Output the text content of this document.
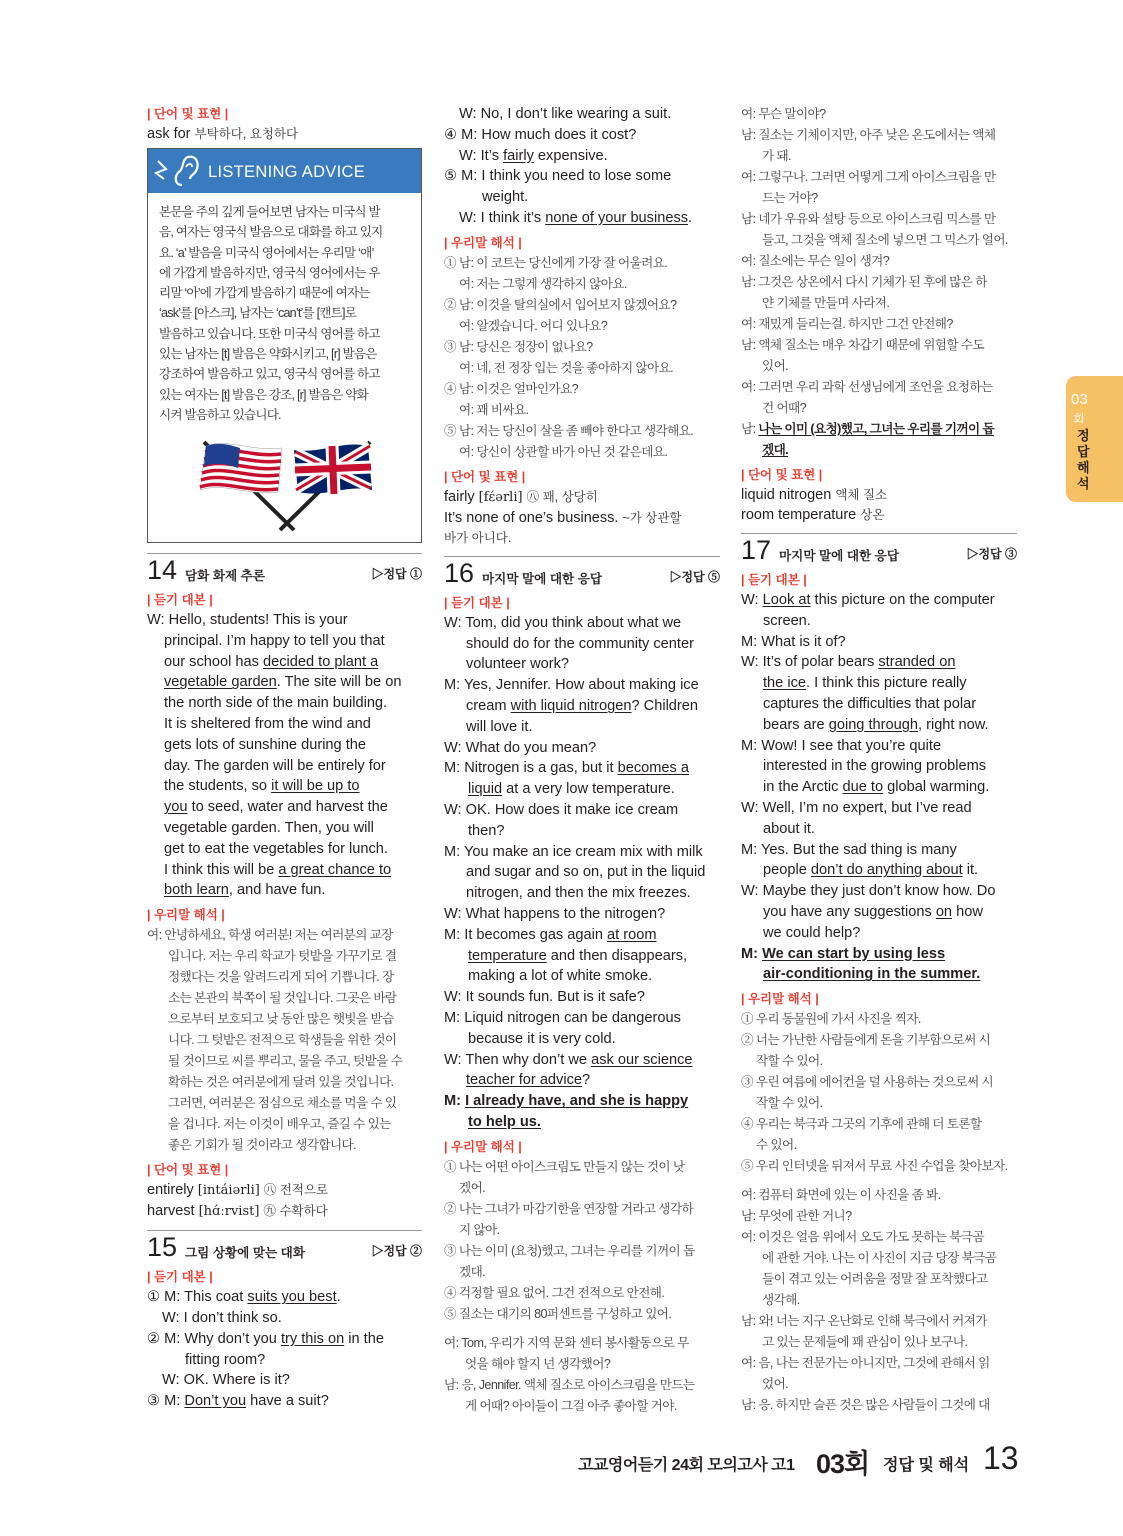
| 단어 및 표현 |
ask for 부탁하다, 요청하다
LISTENING ADVICE
본문을 주의 깊게 들어보면 남자는 미국식 발
음, 여자는 영국식 발음으로 대화를 하고 있지
요. ‘a’ 발음을 미국식 영어에서는 우리말 ‘애’
에 가깝게 발음하지만, 영국식 영어에서는 우
리말 ‘아’에 가깝게 발음하기 때문에 여자는
‘ask’를 [아스크], 남자는 ‘can’t’를 [캔트]로
발음하고 있습니다. 또한 미국식 영어를 하고
있는 남자는 [t] 발음은 약화시키고, [r] 발음은
강조하여 발음하고 있고, 영국식 영어를 하고
있는 여자는 [t] 발음은 강조, [r] 발음은 약화
시켜 발음하고 있습니다.
14 담화 화제 추론	▷정답 ①
| 듣기 대본 |
W: Hello, students! This is your
principal. I’m happy to tell you that
our school has decided to plant a
vegetable garden. The site will be on
the north side of the main building.
It is sheltered from the wind and
gets lots of sunshine during the
day. The garden will be entirely for
the students, so it will be up to
you to seed, water and harvest the
vegetable garden. Then, you will
get to eat the vegetables for lunch.
I think this will be a great chance to
both learn, and have fun.
| 우리말 해석 |
여: 안녕하세요, 학생 여러분! 저는 여러분의 교장
입니다. 저는 우리 학교가 텃밭을 가꾸기로 결
정했다는 것을 알려드리게 되어 기쁩니다. 장
소는 본관의 북쪽이 될 것입니다. 그곳은 바람
으로부터 보호되고 낮 동안 많은 햇빛을 받습
니다. 그 텃밭은 전적으로 학생들을 위한 것이
될 것이므로 씨를 뿌리고, 물을 주고, 텃밭을 수
확하는 것은 여러분에게 달려 있을 것입니다.
그러면, 여러분은 점심으로 채소를 먹을 수 있
을 겁니다. 저는 이것이 배우고, 즐길 수 있는
좋은 기회가 될 것이라고 생각합니다.
| 단어 및 표현 |
entirely [intáiərli] ㊇ 전적으로
harvest [hɑ́ːrvist] ㊈ 수확하다
15 그림 상황에 맞는 대화	▷정답 ②
| 듣기 대본 |
① M: This coat suits you best.
W: I don’t think so.
② M: Why don’t you try this on in the
fitting room?
W: OK. Where is it?
③ M: Don’t you have a suit?
W: No, I don’t like wearing a suit.
④ M: How much does it cost?
W: It’s fairly expensive.
⑤ M: I think you need to lose some
weight.
W: I think it’s none of your business.
| 우리말 해석 |
① 남: 이 코트는 당신에게 가장 잘 어울려요.
여: 저는 그렇게 생각하지 않아요.
② 남: 이것을 탈의실에서 입어보지 않겠어요?
여: 알겠습니다. 어디 있나요?
③ 남: 당신은 정장이 없나요?
여: 네, 전 정장 입는 것을 좋아하지 않아요.
④ 남: 이것은 얼마인가요?
여: 꽤 비싸요.
⑤ 남: 저는 당신이 살을 좀 빼야 한다고 생각해요.
여: 당신이 상관할 바가 아닌 것 같은데요.
| 단어 및 표현 |
fairly [fέərli] ㊇ 꽤, 상당히
It’s none of one’s business. ~가 상관할
바가 아니다.
16 마지막 말에 대한 응답	▷정답 ⑤
| 듣기 대본 |
W: Tom, did you think about what we
should do for the community center
volunteer work?
M: Yes, Jennifer. How about making ice
cream with liquid nitrogen? Children
will love it.
W: What do you mean?
M: Nitrogen is a gas, but it becomes a
liquid at a very low temperature.
W: OK. How does it make ice cream
then?
M: You make an ice cream mix with milk
and sugar and so on, put in the liquid
nitrogen, and then the mix freezes.
W: What happens to the nitrogen?
M: It becomes gas again at room
temperature and then disappears,
making a lot of white smoke.
W: It sounds fun. But is it safe?
M: Liquid nitrogen can be dangerous
because it is very cold.
W: Then why don’t we ask our science
teacher for advice?
M: I already have, and she is happy
to help us.
| 우리말 해석 |
① 나는 어떤 아이스크림도 만들지 않는 것이 낫
겠어.
② 나는 그녀가 마감기한을 연장할 거라고 생각하
지 않아.
③ 나는 이미 (요청)했고, 그녀는 우리를 기꺼이 돕
겠대.
④ 걱정할 필요 없어. 그건 전적으로 안전해.
⑤ 질소는 대기의 80퍼센트를 구성하고 있어.
여: Tom, 우리가 지역 문화 센터 봉사활동으로 무
엇을 해야 할지 넌 생각했어?
남: 응, Jennifer. 액체 질소로 아이스크림을 만드는
게 어때? 아이들이 그걸 아주 좋아할 거야.
여: 무슨 말이야?
남: 질소는 기체이지만, 아주 낮은 온도에서는 액체
가 돼.
여: 그렇구나. 그러면 어떻게 그게 아이스크림을 만
드는 거야?
남: 네가 우유와 설탕 등으로 아이스크림 믹스를 만
들고, 그것을 액체 질소에 넣으면 그 믹스가 얼어.
여: 질소에는 무슨 일이 생겨?
남: 그것은 상온에서 다시 기체가 된 후에 많은 하
얀 기체를 만들며 사라져.
여: 재밌게 들리는걸. 하지만 그건 안전해?
남: 액체 질소는 매우 차갑기 때문에 위험할 수도
있어.
여: 그러면 우리 과학 선생님에게 조언을 요청하는
건 어때?
남: 나는 이미 (요청)했고, 그녀는 우리를 기꺼이 돕
겠대.
| 단어 및 표현 |
liquid nitrogen 액체 질소
room temperature 상온
17 마지막 말에 대한 응답	▷정답 ③
| 듣기 대본 |
W: Look at this picture on the computer
screen.
M: What is it of?
W: It’s of polar bears stranded on
the ice. I think this picture really
captures the difficulties that polar
bears are going through, right now.
M: Wow! I see that you’re quite
interested in the growing problems
in the Arctic due to global warming.
W: Well, I’m no expert, but I’ve read
about it.
M: Yes. But the sad thing is many
people don’t do anything about it.
W: Maybe they just don’t know how. Do
you have any suggestions on how
we could help?
M: We can start by using less
air-conditioning in the summer.
| 우리말 해석 |
① 우리 동물원에 가서 사진을 찍자.
② 너는 가난한 사람들에게 돈을 기부함으로써 시
작할 수 있어.
③ 우린 여름에 에어컨을 덜 사용하는 것으로써 시
작할 수 있어.
④ 우리는 북극과 그곳의 기후에 관해 더 토론할
수 있어.
⑤ 우리 인터넷을 뒤져서 무료 사진 수업을 찾아보자.
여: 컴퓨터 화면에 있는 이 사진을 좀 봐.
남: 무엇에 관한 거니?
여: 이것은 얼음 위에서 오도 가도 못하는 북극곰
에 관한 거야. 나는 이 사진이 지금 당장 북극곰
들이 겪고 있는 어려움을 정말 잘 포착했다고
생각해.
남: 와! 너는 지구 온난화로 인해 북극에서 커져가
고 있는 문제들에 꽤 관심이 있나 보구나.
여: 음, 나는 전문가는 아니지만, 그것에 관해서 읽
었어.
남: 응. 하지만 슬픈 것은 많은 사람들이 그것에 대
03
회
정
답
해
석
고교영어듣기 24회 모의고사 고1 03회 정답 및 해석 13
